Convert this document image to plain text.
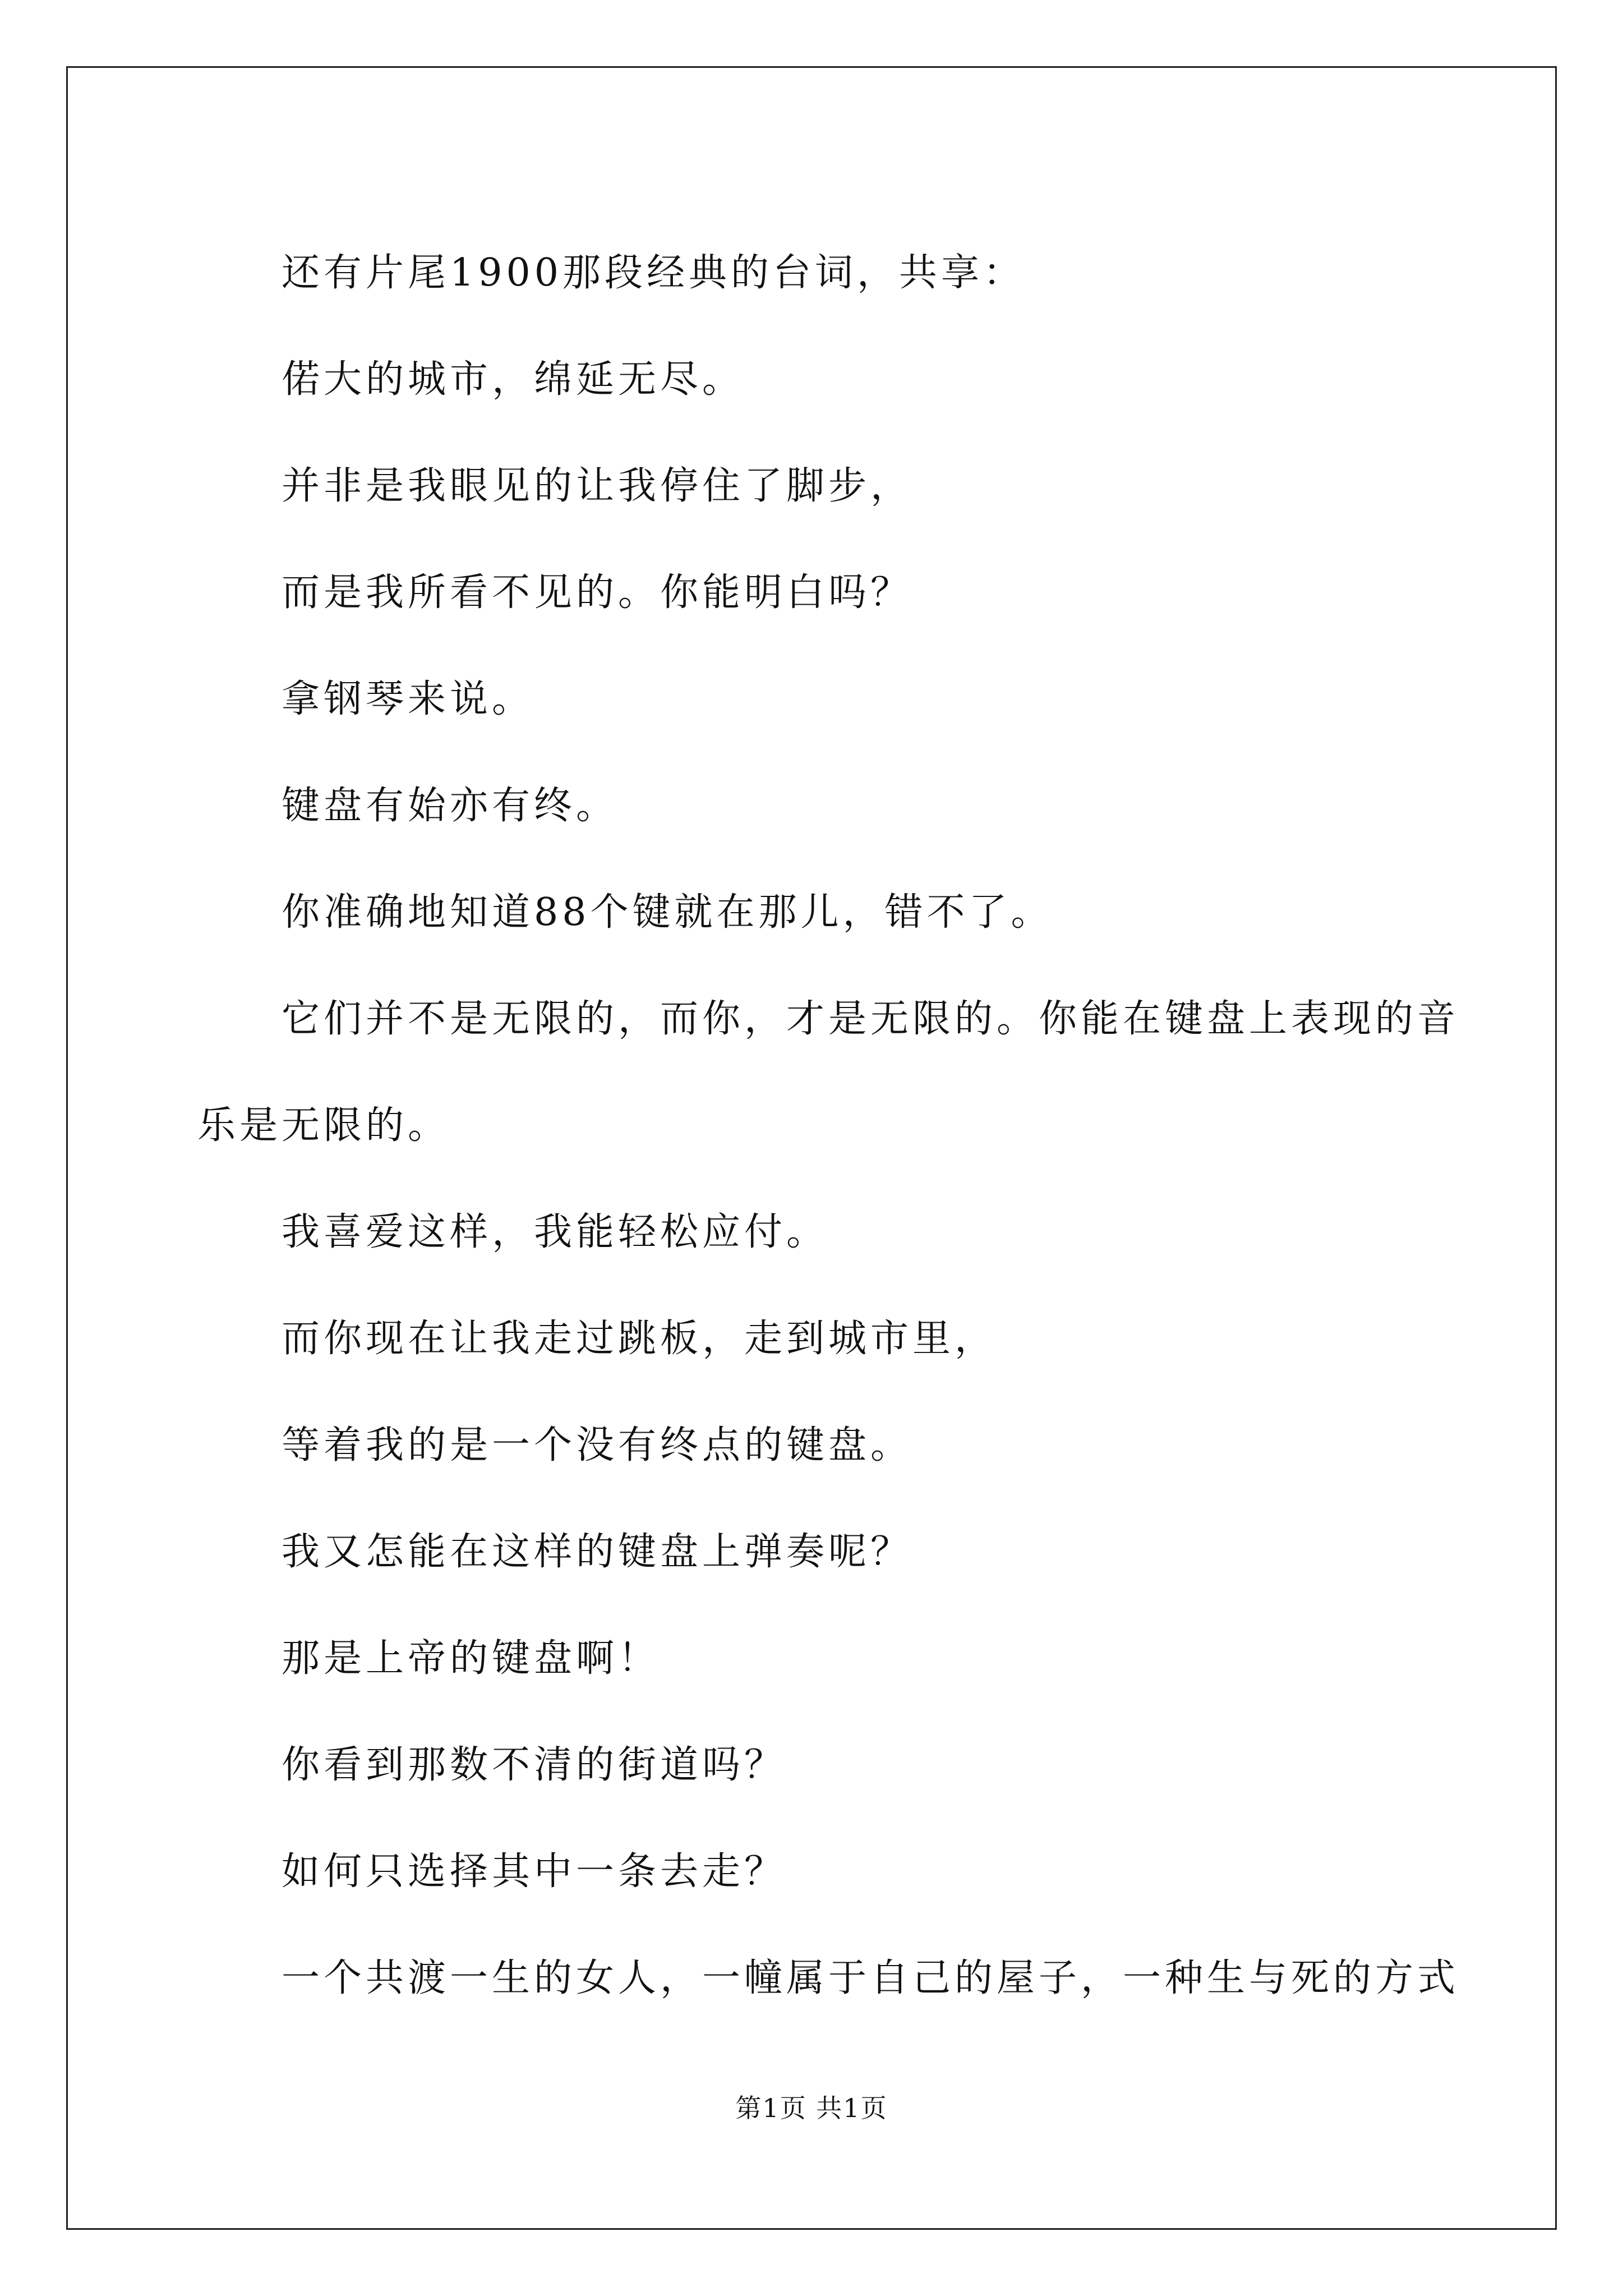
还有片尾1900那段经典的台词，共享：

偌大的城市，绵延无尽。

并非是我眼见的让我停住了脚步，

而是我所看不见的。你能明白吗？

拿钢琴来说。

键盘有始亦有终。

你准确地知道88个键就在那儿，错不了。

它们并不是无限的，而你，才是无限的。你能在键盘上表现的音

乐是无限的。

我喜爱这样，我能轻松应付。

而你现在让我走过跳板，走到城市里，

等着我的是一个没有终点的键盘。

我又怎能在这样的键盘上弹奏呢？

那是上帝的键盘啊！

你看到那数不清的街道吗？

如何只选择其中一条去走？

一个共渡一生的女人，一幢属于自己的屋子，一种生与死的方式

第1页 共1页
